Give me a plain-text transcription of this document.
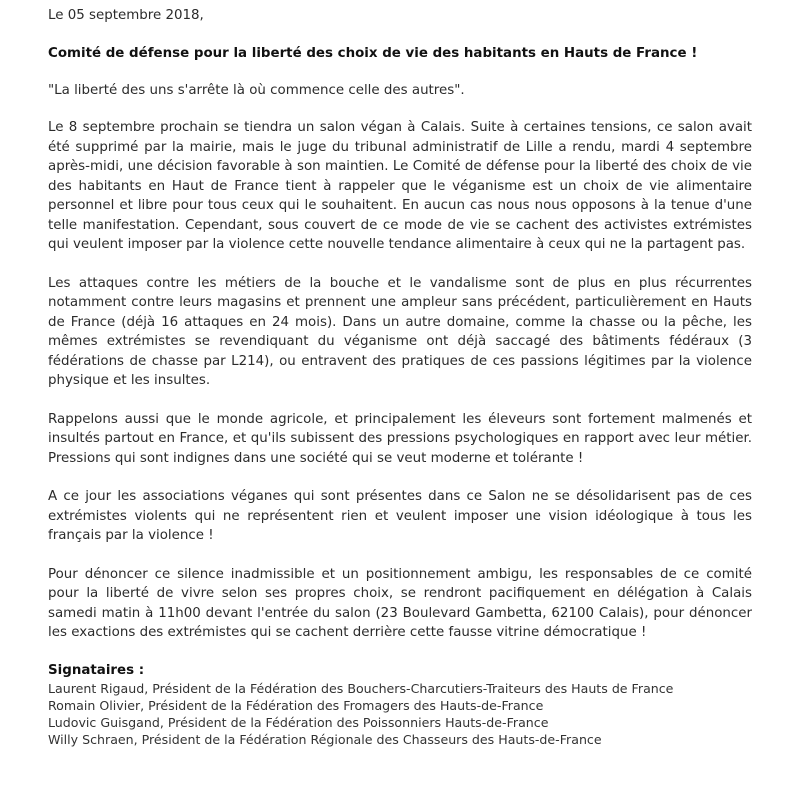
Le 05 septembre 2018,

Comité de défense pour la liberté des choix de vie des habitants en Hauts de France !

"La liberté des uns s'arrête là où commence celle des autres".

Le 8 septembre prochain se tiendra un salon végan à Calais. Suite à certaines tensions, ce salon avait été supprimé par la mairie, mais le juge du tribunal administratif de Lille a rendu, mardi 4 septembre après-midi, une décision favorable à son maintien. Le Comité de défense pour la liberté des choix de vie des habitants en Haut de France tient à rappeler que le véganisme est un choix de vie alimentaire personnel et libre pour tous ceux qui le souhaitent. En aucun cas nous nous opposons à la tenue d'une telle manifestation. Cependant, sous couvert de ce mode de vie se cachent des activistes extrémistes qui veulent imposer par la violence cette nouvelle tendance alimentaire à ceux qui ne la partagent pas.

Les attaques contre les métiers de la bouche et le vandalisme sont de plus en plus récurrentes notamment contre leurs magasins et prennent une ampleur sans précédent, particulièrement en Hauts de France (déjà 16 attaques en 24 mois). Dans un autre domaine, comme la chasse ou la pêche, les mêmes extrémistes se revendiquant du véganisme ont déjà saccagé des bâtiments fédéraux (3 fédérations de chasse par L214), ou entravent des pratiques de ces passions légitimes par la violence physique et les insultes.

Rappelons aussi que le monde agricole, et principalement les éleveurs sont fortement malmenés et insultés partout en France, et qu'ils subissent des pressions psychologiques en rapport avec leur métier. Pressions qui sont indignes dans une société qui se veut moderne et tolérante !

A ce jour les associations véganes qui sont présentes dans ce Salon ne se désolidarisent pas de ces extrémistes violents qui ne représentent rien et veulent imposer une vision idéologique à tous les français par la violence !

Pour dénoncer ce silence inadmissible et un positionnement ambigu, les responsables de ce comité pour la liberté de vivre selon ses propres choix, se rendront pacifiquement en délégation à Calais samedi matin à 11h00 devant l'entrée du salon (23 Boulevard Gambetta, 62100 Calais), pour dénoncer les exactions des extrémistes qui se cachent derrière cette fausse vitrine démocratique !

Signataires :

Laurent Rigaud, Président de la Fédération des Bouchers-Charcutiers-Traiteurs des Hauts de France
Romain Olivier, Président de la Fédération des Fromagers des Hauts-de-France
Ludovic Guisgand, Président de la Fédération des Poissonniers Hauts-de-France
Willy Schraen, Président de la Fédération Régionale des Chasseurs des Hauts-de-France
